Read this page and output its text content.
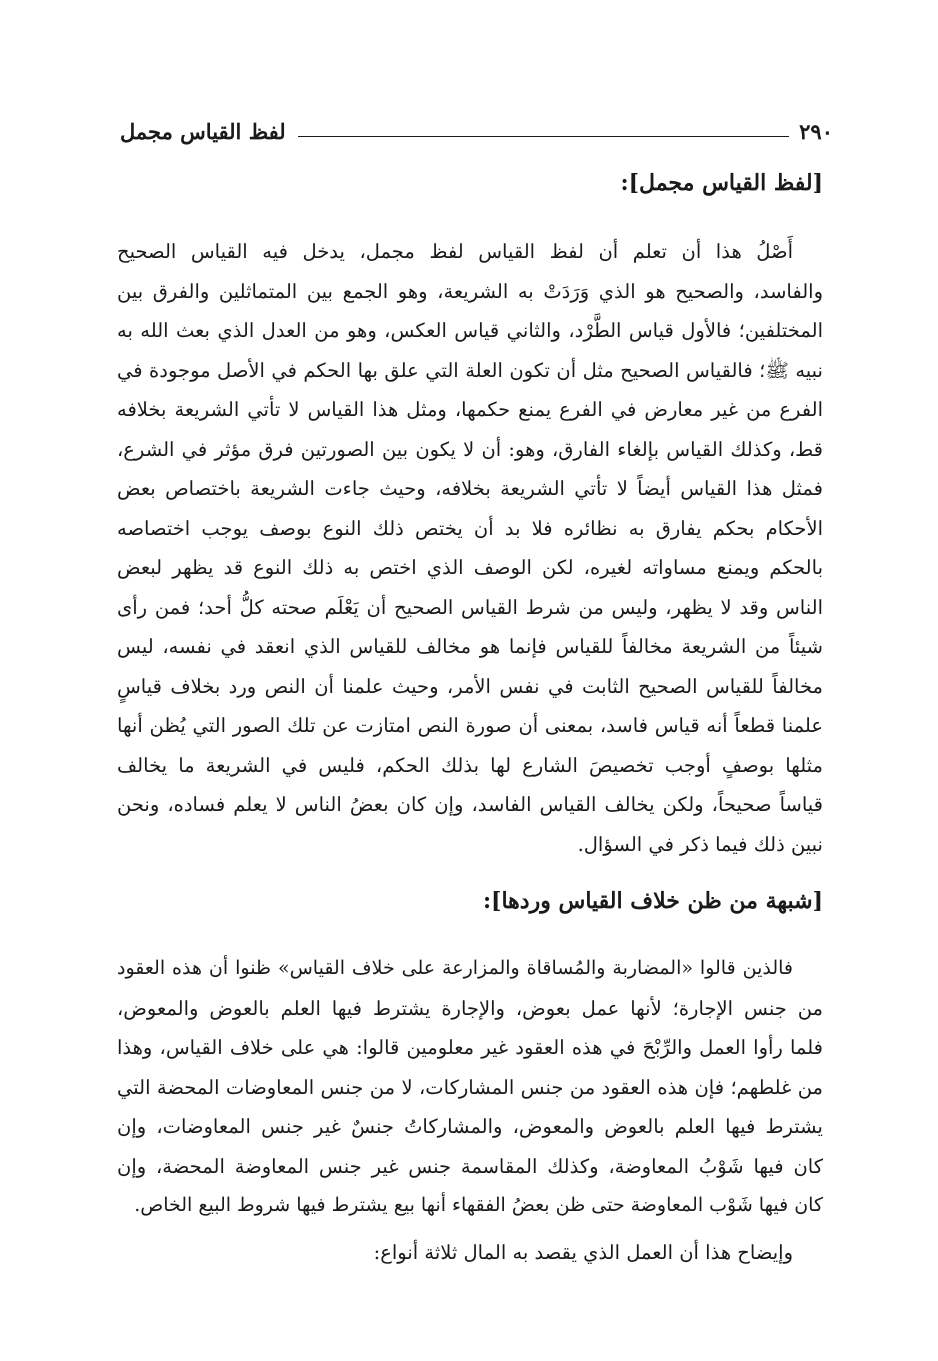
٢٩٠
لفظ القياس مجمل
[لفظ القياس مجمل]:
أَصْلُ هذا أن تعلم أن لفظ القياس لفظ مجمل، يدخل فيه القياس الصحيح
والفاسد، والصحيح هو الذي وَرَدَتْ به الشريعة، وهو الجمع بين المتماثلين والفرق بين
المختلفين؛ فالأول قياس الطَّرْد، والثاني قياس العكس، وهو من العدل الذي بعث الله به
نبيه ﷺ؛ فالقياس الصحيح مثل أن تكون العلة التي علق بها الحكم في الأصل موجودة في
الفرع من غير معارض في الفرع يمنع حكمها، ومثل هذا القياس لا تأتي الشريعة بخلافه
قط، وكذلك القياس بإلغاء الفارق، وهو: أن لا يكون بين الصورتين فرق مؤثر في الشرع،
فمثل هذا القياس أيضاً لا تأتي الشريعة بخلافه، وحيث جاءت الشريعة باختصاص بعض
الأحكام بحكم يفارق به نظائره فلا بد أن يختص ذلك النوع بوصف يوجب اختصاصه
بالحكم ويمنع مساواته لغيره، لكن الوصف الذي اختص به ذلك النوع قد يظهر لبعض
الناس وقد لا يظهر، وليس من شرط القياس الصحيح أن يَعْلَم صحته كلُّ أحد؛ فمن رأى
شيئاً من الشريعة مخالفاً للقياس فإنما هو مخالف للقياس الذي انعقد في نفسه، ليس
مخالفاً للقياس الصحيح الثابت في نفس الأمر، وحيث علمنا أن النص ورد بخلاف قياسٍ
علمنا قطعاً أنه قياس فاسد، بمعنى أن صورة النص امتازت عن تلك الصور التي يُظن أنها
مثلها بوصفٍ أوجب تخصيصَ الشارع لها بذلك الحكم، فليس في الشريعة ما يخالف
قياساً صحيحاً، ولكن يخالف القياس الفاسد، وإن كان بعضُ الناس لا يعلم فساده، ونحن
نبين ذلك فيما ذكر في السؤال.
[شبهة من ظن خلاف القياس وردها]:
فالذين قالوا «المضاربة والمُساقاة والمزارعة على خلاف القياس» ظنوا أن هذه العقود
من جنس الإجارة؛ لأنها عمل بعوض، والإجارة يشترط فيها العلم بالعوض والمعوض،
فلما رأوا العمل والرِّبْحَ في هذه العقود غير معلومين قالوا: هي على خلاف القياس، وهذا
من غلطهم؛ فإن هذه العقود من جنس المشاركات، لا من جنس المعاوضات المحضة التي
يشترط فيها العلم بالعوض والمعوض، والمشاركاتُ جنسٌ غير جنس المعاوضات، وإن
كان فيها شَوْبُ المعاوضة، وكذلك المقاسمة جنس غير جنس المعاوضة المحضة، وإن
كان فيها شَوْب المعاوضة حتى ظن بعضُ الفقهاء أنها بيع يشترط فيها شروط البيع الخاص.
وإيضاح هذا أن العمل الذي يقصد به المال ثلاثة أنواع:
